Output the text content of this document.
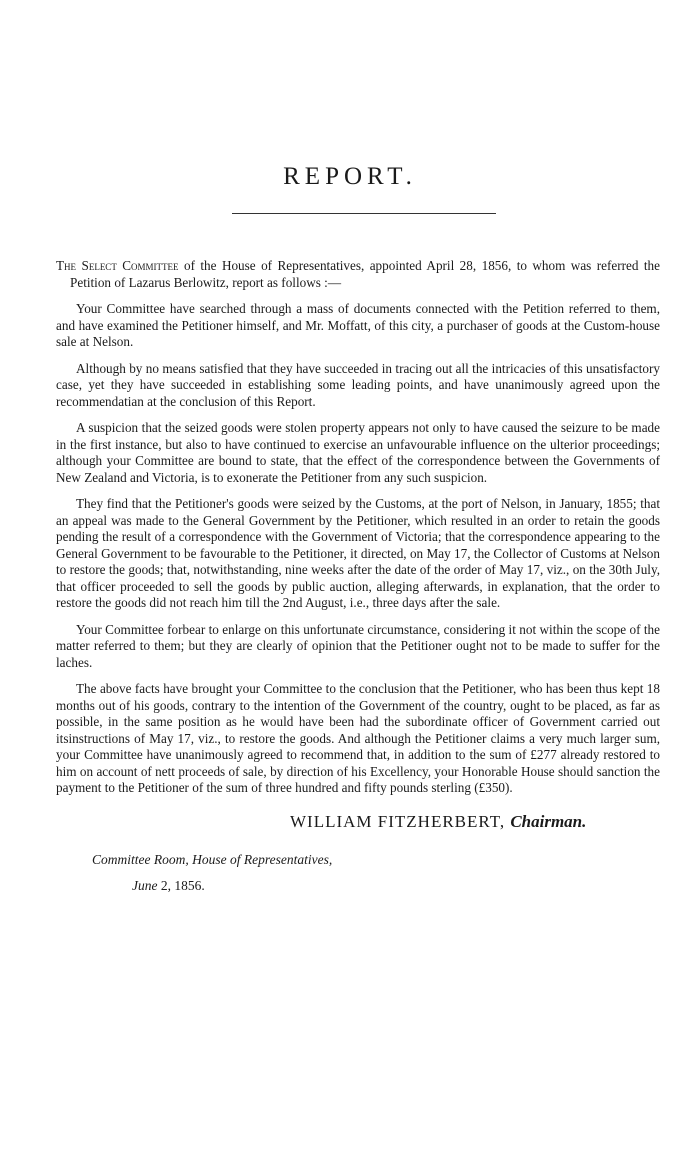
REPORT.

The Select Committee of the House of Representatives, appointed April 28, 1856, to whom was referred the Petition of Lazarus Berlowitz, report as follows :—

Your Committee have searched through a mass of documents connected with the Petition referred to them, and have examined the Petitioner himself, and Mr. Moffatt, of this city, a purchaser of goods at the Custom-house sale at Nelson.

Although by no means satisfied that they have succeeded in tracing out all the intricacies of this unsatisfactory case, yet they have succeeded in establishing some leading points, and have unanimously agreed upon the recommendatian at the conclusion of this Report.

A suspicion that the seized goods were stolen property appears not only to have caused the seizure to be made in the first instance, but also to have continued to exercise an unfavourable influence on the ulterior proceedings; although your Committee are bound to state, that the effect of the correspondence between the Governments of New Zealand and Victoria, is to exonerate the Petitioner from any such suspicion.

They find that the Petitioner's goods were seized by the Customs, at the port of Nelson, in January, 1855; that an appeal was made to the General Government by the Petitioner, which resulted in an order to retain the goods pending the result of a correspondence with the Government of Victoria; that the correspondence appearing to the General Government to be favourable to the Petitioner, it directed, on May 17, the Collector of Customs at Nelson to restore the goods; that, notwithstanding, nine weeks after the date of the order of May 17, viz., on the 30th July, that officer proceeded to sell the goods by public auction, alleging afterwards, in explanation, that the order to restore the goods did not reach him till the 2nd August, i.e., three days after the sale.

Your Committee forbear to enlarge on this unfortunate circumstance, considering it not within the scope of the matter referred to them; but they are clearly of opinion that the Petitioner ought not to be made to suffer for the laches.

The above facts have brought your Committee to the conclusion that the Petitioner, who has been thus kept 18 months out of his goods, contrary to the intention of the Government of the country, ought to be placed, as far as possible, in the same position as he would have been had the subordinate officer of Government carried out itsinstructions of May 17, viz., to restore the goods. And although the Petitioner claims a very much larger sum, your Committee have unanimously agreed to recommend that, in addition to the sum of £277 already restored to him on account of nett proceeds of sale, by direction of his Excellency, your Honorable House should sanction the payment to the Petitioner of the sum of three hundred and fifty pounds sterling (£350).

WILLIAM FITZHERBERT, Chairman.
Committee Room, House of Representatives,
June 2, 1856.
